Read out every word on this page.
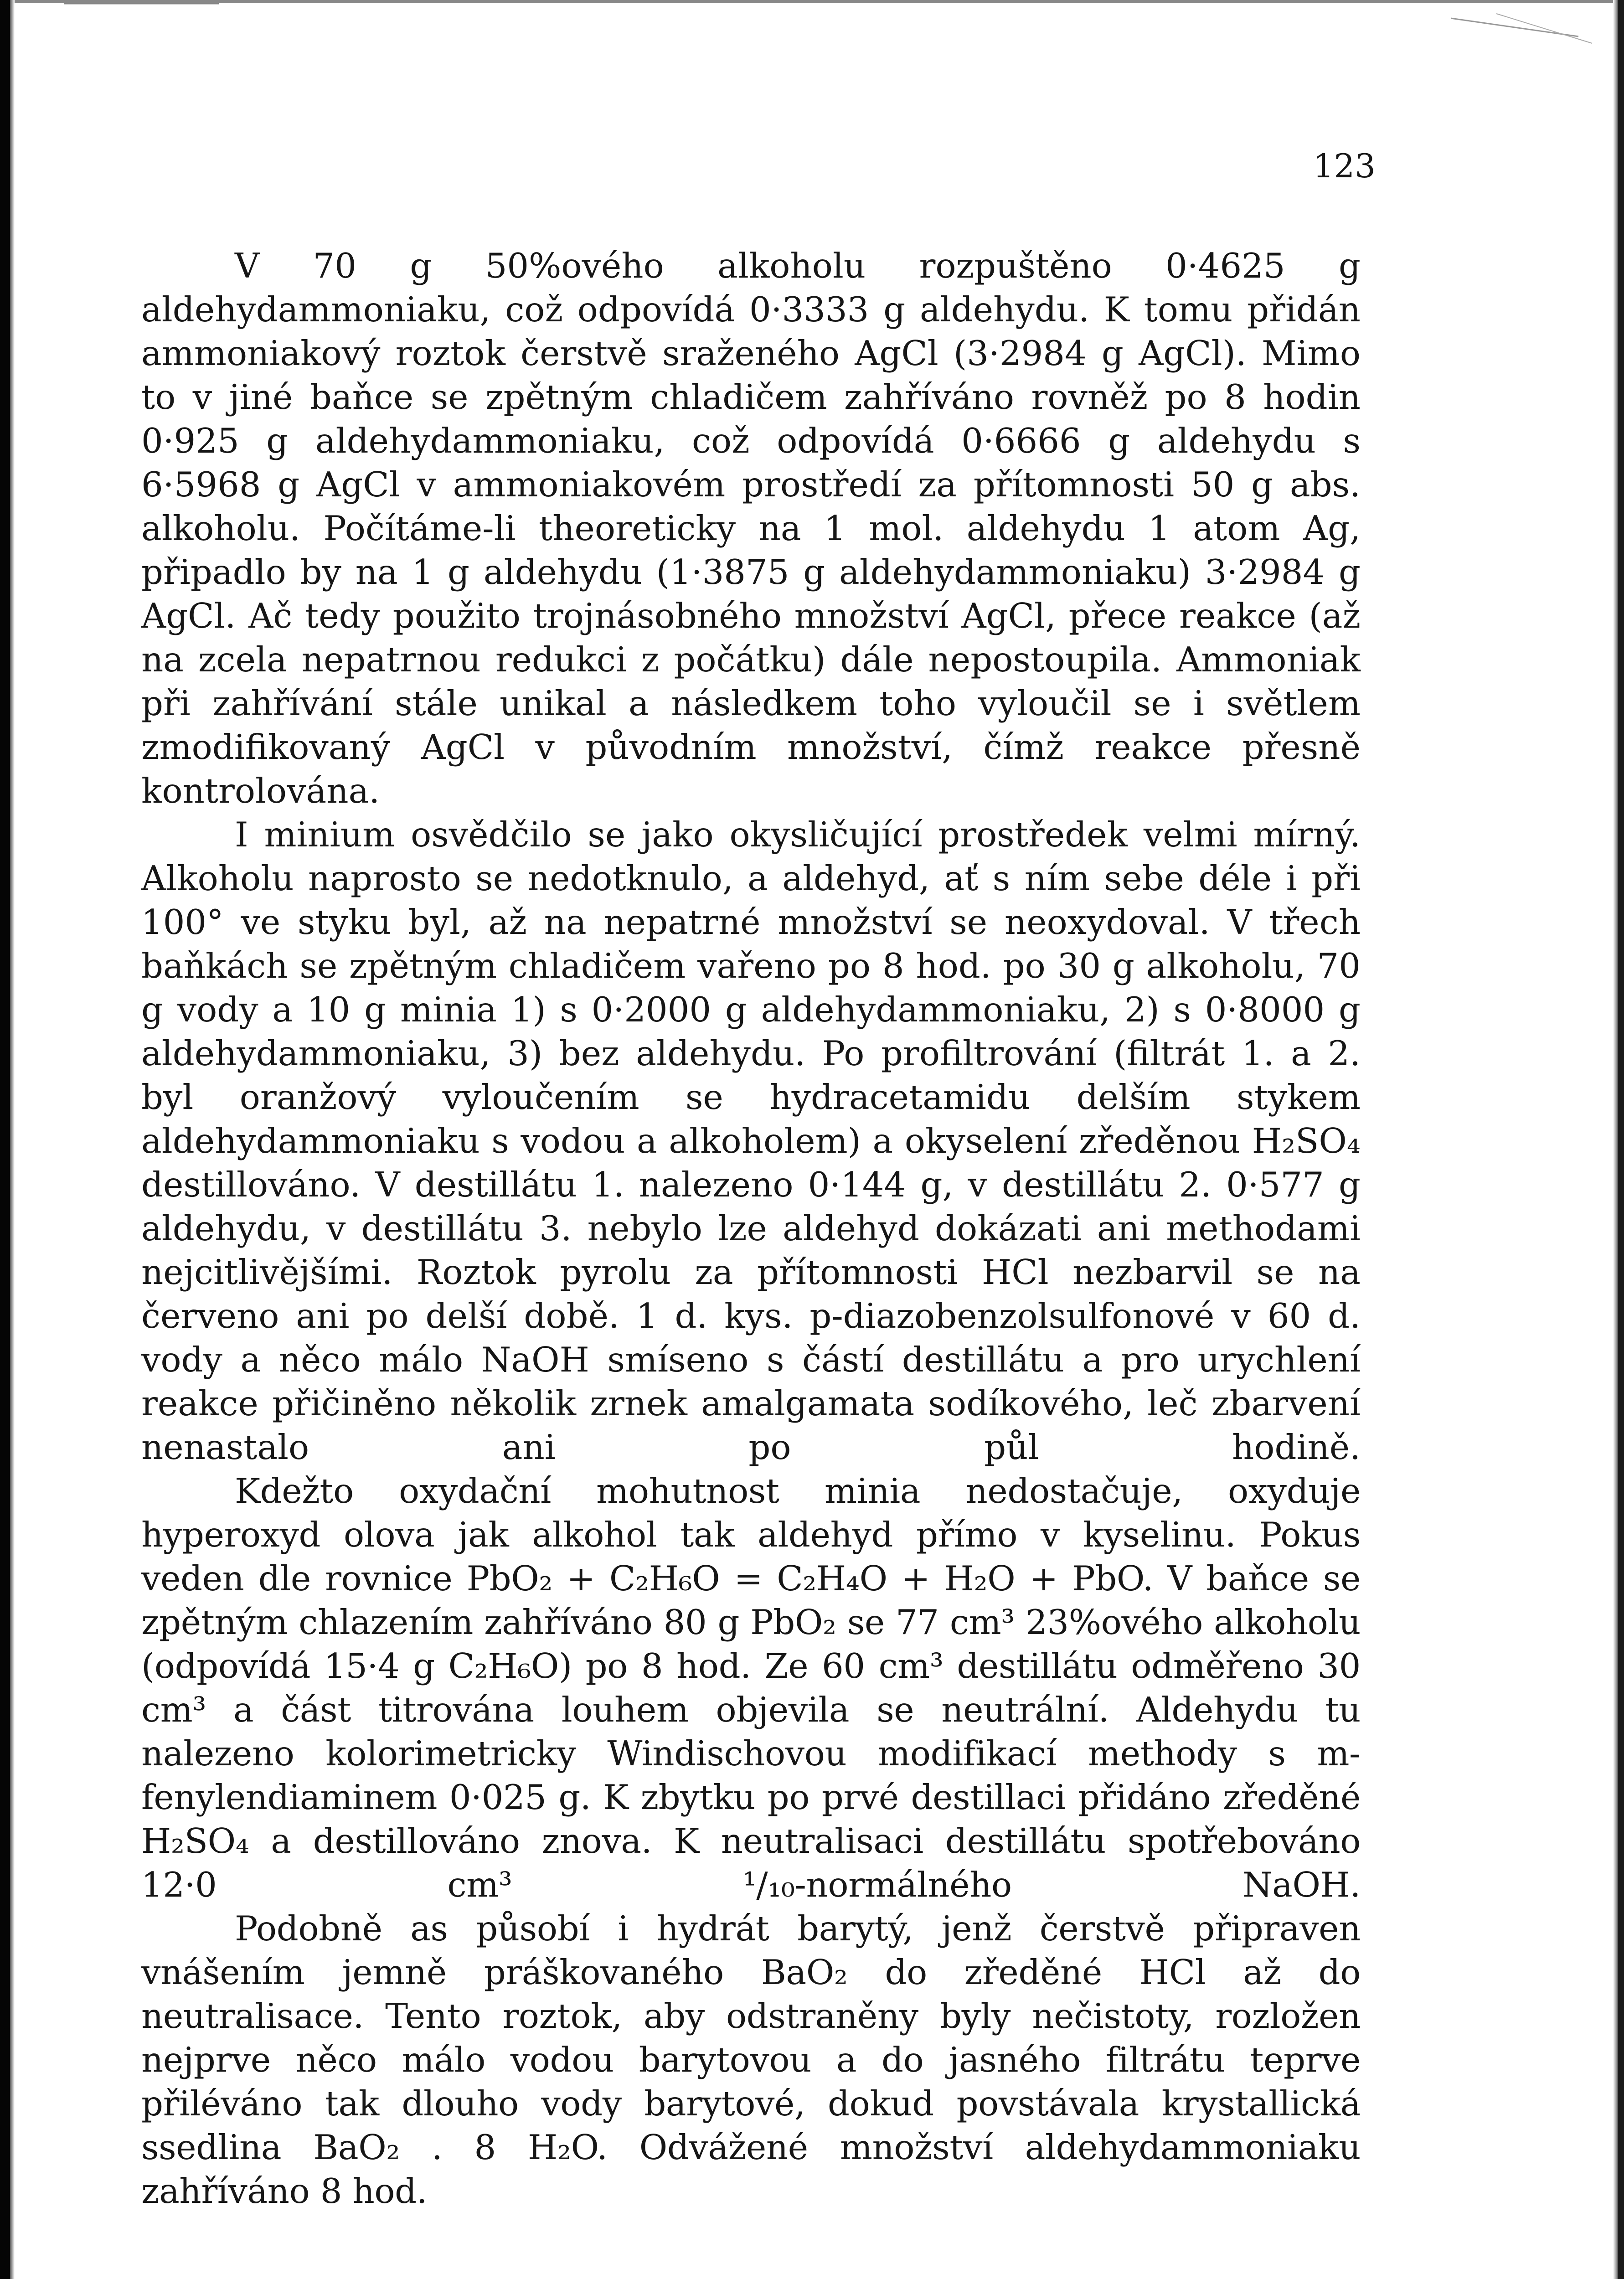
123

V 70 g 50%ového alkoholu rozpuštěno 0·4625 g aldehydammoniaku, což odpovídá 0·3333 g aldehydu. K tomu přidán ammoniakový roztok čerstvě sraženého AgCl (3·2984 g AgCl). Mimo to v jiné baňce se zpětným chladičem zahříváno rovněž po 8 hodin 0·925 g aldehydammoniaku, což odpovídá 0·6666 g aldehydu s 6·5968 g AgCl v ammoniakovém prostředí za přítomnosti 50 g abs. alkoholu. Počítáme-li theoreticky na 1 mol. aldehydu 1 atom Ag, připadlo by na 1 g aldehydu (1·3875 g aldehydammoniaku) 3·2984 g AgCl. Ač tedy použito trojnásobného množství AgCl, přece reakce (až na zcela nepatrnou redukci z počátku) dále nepostoupila. Ammoniak při zahřívání stále unikal a následkem toho vyloučil se i světlem zmodifikovaný AgCl v původním množství, čímž reakce přesně kontrolována.

I minium osvědčilo se jako okysličující prostředek velmi mírný. Alkoholu naprosto se nedotknulo, a aldehyd, ať s ním sebe déle i při 100° ve styku byl, až na nepatrné množství se neoxydoval. V třech baňkách se zpětným chladičem vařeno po 8 hod. po 30 g alkoholu, 70 g vody a 10 g minia 1) s 0·2000 g aldehydammoniaku, 2) s 0·8000 g aldehydammoniaku, 3) bez aldehydu. Po profiltrování (filtrát 1. a 2. byl oranžový vyloučením se hydracetamidu delším stykem aldehydammoniaku s vodou a alkoholem) a okyselení zředěnou H₂SO₄ destillováno. V destillátu 1. nalezeno 0·144 g, v destillátu 2. 0·577 g aldehydu, v destillátu 3. nebylo lze aldehyd dokázati ani methodami nejcitlivějšími. Roztok pyrolu za přítomnosti HCl nezbarvil se na červeno ani po delší době. 1 d. kys. p-diazobenzolsulfonové v 60 d. vody a něco málo NaOH smíseno s částí destillátu a pro urychlení reakce přičiněno několik zrnek amalgamata sodíkového, leč zbarvení nenastalo ani po půl hodině.

Kdežto oxydační mohutnost minia nedostačuje, oxyduje hyperoxyd olova jak alkohol tak aldehyd přímo v kyselinu. Pokus veden dle rovnice PbO₂ + C₂H₆O = C₂H₄O + H₂O + PbO. V baňce se zpětným chlazením zahříváno 80 g PbO₂ se 77 cm³ 23%ového alkoholu (odpovídá 15·4 g C₂H₆O) po 8 hod. Ze 60 cm³ destillátu odměřeno 30 cm³ a část titrována louhem objevila se neutrální. Aldehydu tu nalezeno kolorimetricky Windischovou modifikací methody s m-fenylendiaminem 0·025 g. K zbytku po prvé destillaci přidáno zředěné H₂SO₄ a destillováno znova. K neutralisaci destillátu spotřebováno 12·0 cm³ ¹/₁₀-normálného NaOH.

Podobně as působí i hydrát barytý, jenž čerstvě připraven vnášením jemně práškovaného BaO₂ do zředěné HCl až do neutralisace. Tento roztok, aby odstraněny byly nečistoty, rozložen nejprve něco málo vodou barytovou a do jasného filtrátu teprve přiléváno tak dlouho vody barytové, dokud povstávala krystallická ssedlina BaO₂ . 8 H₂O. Odvážené množství aldehydammoniaku zahříváno 8 hod.
